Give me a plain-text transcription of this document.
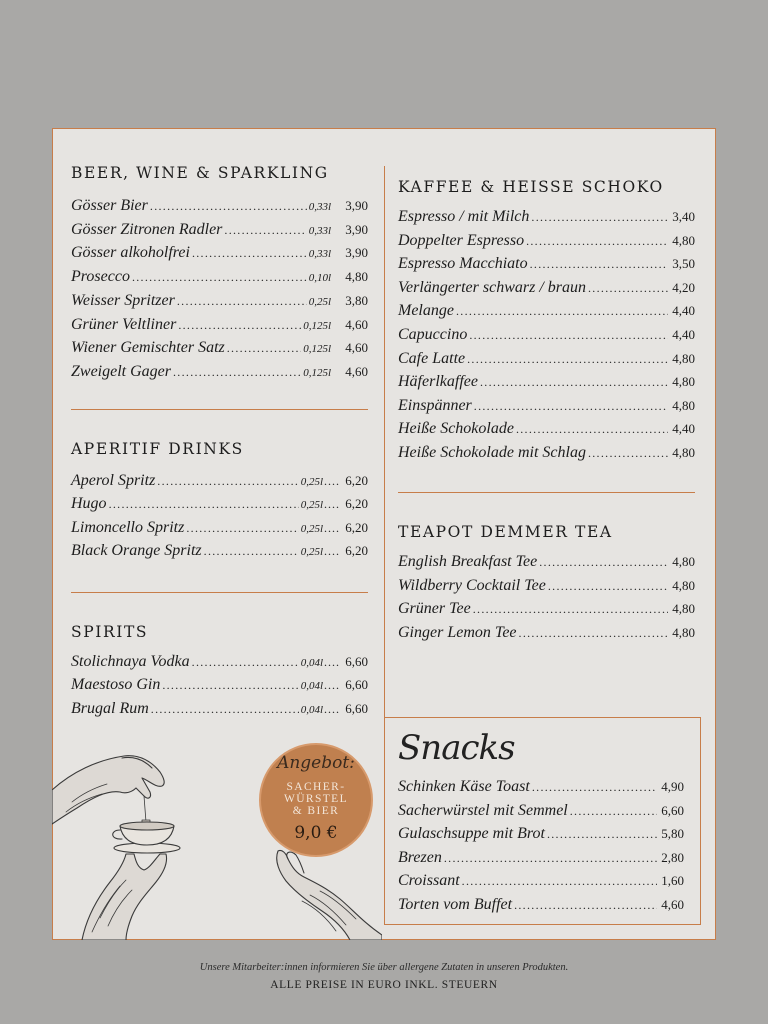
BEER, WINE & SPARKLING
Gösser Bier .....	0,33l	3,90
Gösser Zitronen Radler .....	0,33l	3,90
Gösser alkoholfrei .....	0,33l	3,90
Prosecco .....	0,10l	4,80
Weisser Spritzer .....	0,25l	3,80
Grüner Veltliner .....	0,125l	4,60
Wiener Gemischter Satz .....	0,125l	4,60
Zweigelt Gager .....	0,125l	4,60
APERITIF DRINKS
Aperol Spritz .....	0,25l ....	6,20
Hugo .....	0,25l ....	6,20
Limoncello Spritz .....	0,25l ....	6,20
Black Orange Spritz .....	0,25l ....	6,20
SPIRITS
Stolichnaya Vodka .....	0,04l ....	6,60
Maestoso Gin .....	0,04l ....	6,60
Brugal Rum .....	0,04l ....	6,60
KAFFEE & HEISSE SCHOKO
Espresso / mit Milch .....	3,40
Doppelter Espresso .....	4,80
Espresso Macchiato .....	3,50
Verlängerter schwarz / braun .....	4,20
Melange .....	4,40
Capuccino .....	4,40
Cafe Latte .....	4,80
Häferlkaffee .....	4,80
Einspänner .....	4,80
Heiße Schokolade .....	4,40
Heiße Schokolade mit Schlag .....	4,80
TEAPOT DEMMER TEA
English Breakfast Tee .....	4,80
Wildberry Cocktail Tee .....	4,80
Grüner Tee .....	4,80
Ginger Lemon Tee .....	4,80
Snacks
Schinken Käse Toast .....	4,90
Sacherwürstel mit Semmel .....	6,60
Gulaschsuppe mit Brot .....	5,80
Brezen .....	2,80
Croissant .....	1,60
Torten vom Buffet .....	4,60
Angebot:
SACHER-
WÜRSTEL
& BIER
9,0 €
Unsere Mitarbeiter:innen informieren Sie über allergene Zutaten in unseren Produkten.
ALLE PREISE IN EURO INKL. STEUERN
